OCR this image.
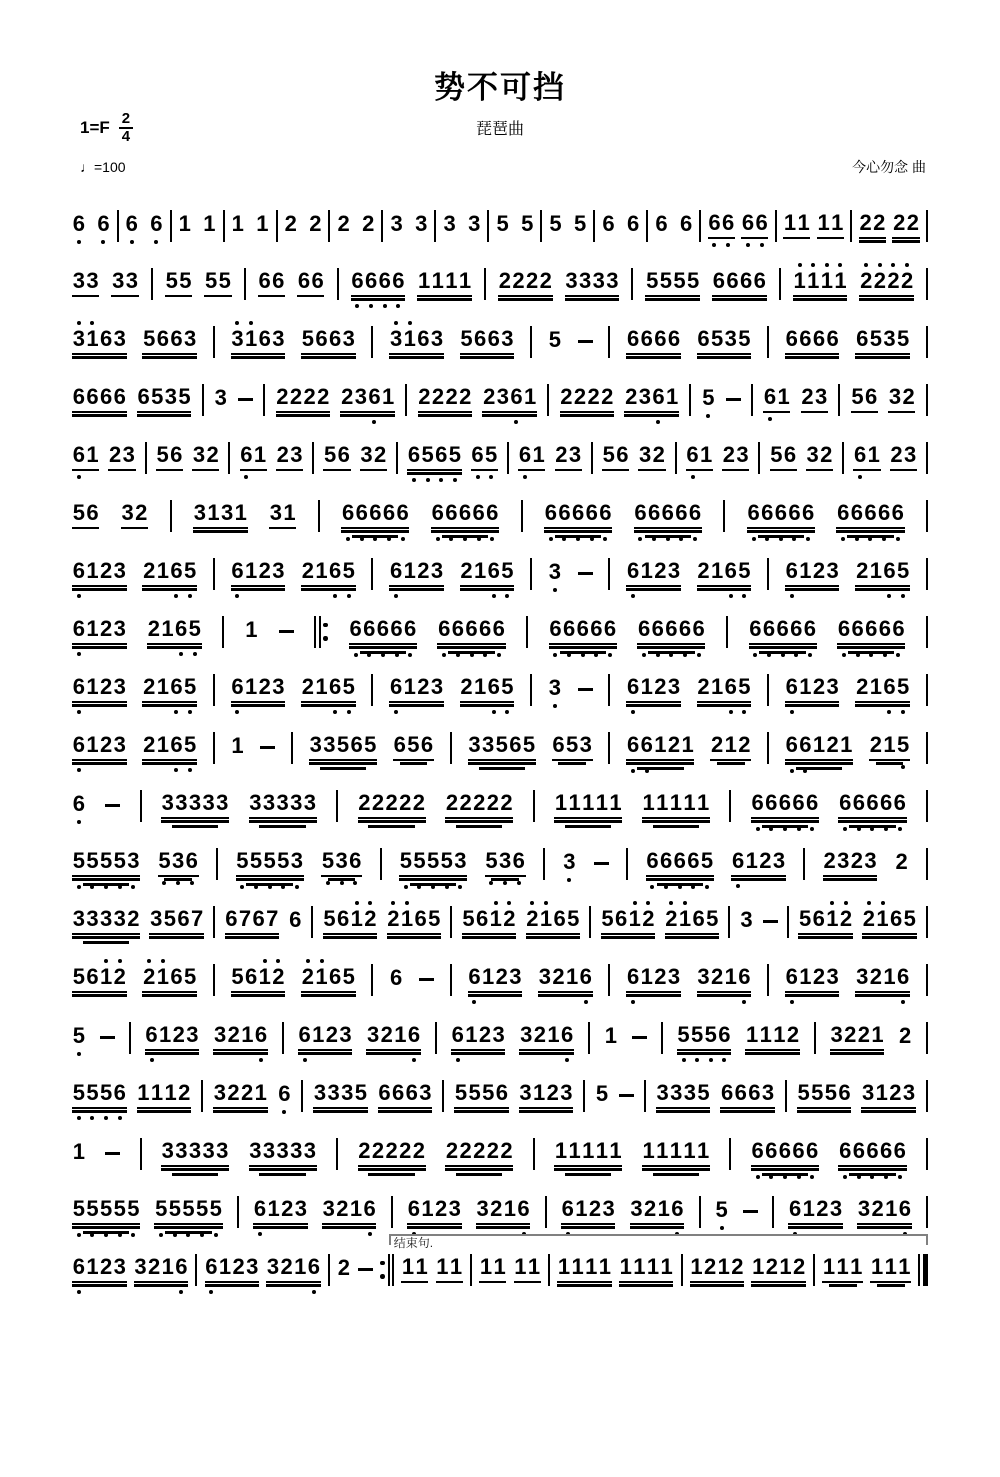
势不可挡
$1=F \frac{2}{4}$	琵琶曲
♩=100	今心勿念 曲
6 6 6 6 1 1 1 1 2 2 2 2 3 3 3 3 5 5 5 5 6 6 6 6 6 6 6 6 1 1 1 1 2 2 2 2
3 3 3 3 5 5 5 5 6 6 6 6 6 6 6 6 1 1 1 1 2 2 2 2 3 3 3 3 5 5 5 5 6 6 6 6 1 1 1 1 2 2 2 2
3 1 6 3 5 6 6 3 3 1 6 3 5 6 6 3 3 1 6 3 5 6 6 3 5	6 6 6 6 6 5 3 5 6 6 6 6 6 5 3 5
6 6 6 6 6 5 3 5 3 2 2 2 2 2 3 6 1 2 2 2 2 2 3 6 1 2 2 2 2 2 3 6 1 5 6 1 2 3 5 6 3 2
6 1 2 3 5 6 3 2 6 1 2 3 5 6 3 2 6 5 6 5 6 5 6 1 2 3 5 6 3 2 6 1 2 3 5 6 3 2 6 1 2 3
5 6 3 2 3 1 3 1 3 1 6 6 6 6 6 6 6 6 6 6 6 6 6 6 6 6 6 6 6 6 6 6 6 6 6 6 6 6 6 6
6 1 2 3 2 1 6 5 6 1 2 3 2 1 6 5 6 1 2 3 2 1 6 5 3	6 1 2 3 2 1 6 5 6 1 2 3 2 1 6 5
6 1 2 3 2 1 6 5 1	6 6 6 6 6 6 6 6 6 6 6 6 6 6 6 6 6 6 6 6 6 6 6 6 6 6 6 6 6 6
6 1 2 3 2 1 6 5 6 1 2 3 2 1 6 5 6 1 2 3 2 1 6 5 3	6 1 2 3 2 1 6 5 6 1 2 3 2 1 6 5
6 1 2 3 2 1 6 5 1	3 3 5 6 5 6 5 6 3 3 5 6 5 6 5 3 6 6 1 2 1 2 1 2 6 6 1 2 1 2 1 5
6	3 3 3 3 3 3 3 3 3 3 2 2 2 2 2 2 2 2 2 2 1 1 1 1 1 1 1 1 1 1 6 6 6 6 6 6 6 6 6 6
5 5 5 5 3 5 3 6 5 5 5 5 3 5 3 6 5 5 5 5 3 5 3 6 3	6 6 6 6 5 6 1 2 3 2 3 2 3 2
3 3 3 3 2 3 5 6 7 6 7 6 7 6 5 6 1 2 2 1 6 5 5 6 1 2 2 1 6 5 5 6 1 2 2 1 6 5 3 5 6 1 2 2 1 6 5
5 6 1 2 2 1 6 5 5 6 1 2 2 1 6 5 6	6 1 2 3 3 2 1 6 6 1 2 3 3 2 1 6 6 1 2 3 3 2 1 6
5	6 1 2 3 3 2 1 6 6 1 2 3 3 2 1 6 6 1 2 3 3 2 1 6 1	5 5 5 6 1 1 1 2 3 2 2 1 2
5 5 5 6 1 1 1 2 3 2 2 1 6 3 3 3 5 6 6 6 3 5 5 5 6 3 1 2 3 5 3 3 3 5 6 6 6 3 5 5 5 6 3 1 2 3
1	3 3 3 3 3 3 3 3 3 3 2 2 2 2 2 2 2 2 2 2 1 1 1 1 1 1 1 1 1 1 6 6 6 6 6 6 6 6 6 6
5 5 5 5 5 5 5 5 5 5 6 1 2 3 3 2 1 6 6 1 2 3 3 2 1 6 6 1 2 3 3 2 1 6 5	6 1 2 3 3 2 1 6
6 1 2 3 3 2 1 6 6 1 2 3 3 2 1 6 2 1 1 1 1 1 1 1 1 1 1 1 1 1 1 1 1 1 2 1 2 1 2 1 2 1 1 1 1 1 1
结束句.
